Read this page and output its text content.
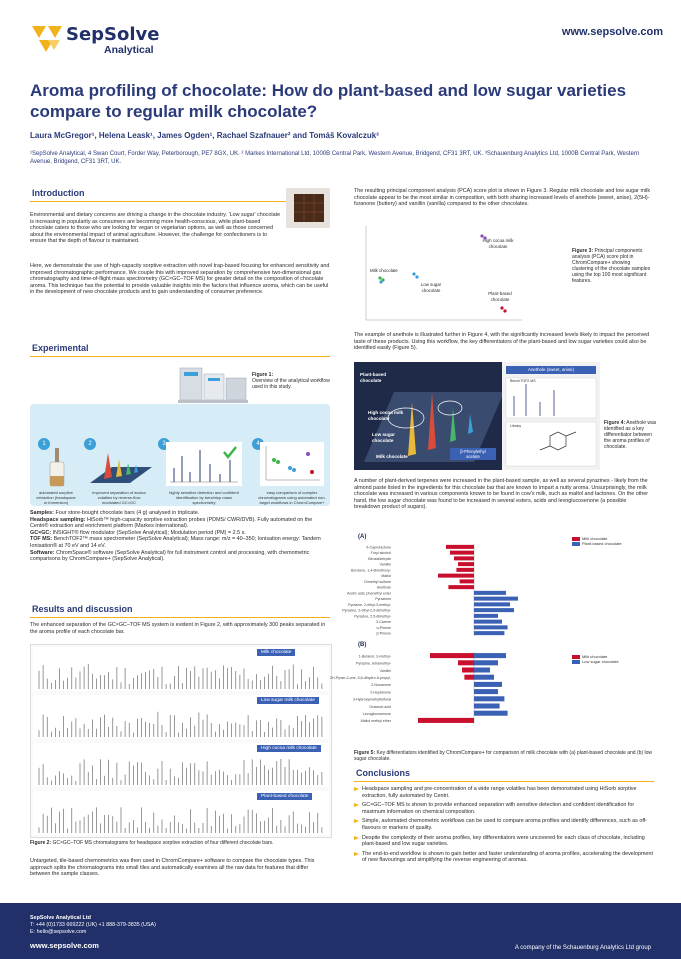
SepSolve
Analytical
www.sepsolve.com
Aroma profiling of chocolate: How do plant-based and low sugar varieties compare to regular milk chocolate?
Laura McGregor¹, Helena Leask¹, James Ogden¹, Rachael Szafnauer² and Tomáš Kovalczuk³
¹SepSolve Analytical, 4 Swan Court, Forder Way, Peterborough, PE7 8GX, UK. ² Markes International Ltd, 1000B Central Park, Western Avenue, Bridgend, CF31 3RT, UK. ³Schauenburg Analytics Ltd, 1000B Central Park, Western Avenue, Bridgend, CF31 3RT, UK.
Introduction
Environmental and dietary concerns are driving a change in the chocolate industry. 'Low sugar' chocolate is increasing in popularity as consumers are becoming more health-conscious, while plant-based chocolate caters to those who are looking for vegan or vegetarian options, as well as those concerned about the environmental impact of animal agriculture. However, the challenge for confectioners is to ensure that the depth of flavour is maintained.
Here, we demonstrate the use of high-capacity sorptive extraction with novel trap-based focusing for enhanced sensitivity and improved chromatographic performance. We couple this with improved separation by comprehensive two-dimensional gas chromatography and time-of-flight mass spectrometry (GC×GC–TOF MS) for greater detail on the composition of chocolate aroma. This technique has the potential to provide valuable insights into the factors that influence aroma, which can be useful in the development of new chocolate products and to gain understanding of consumer preference.
Experimental
Figure 1:
Overview of the analytical workflow used in this study.
1
automated sorptive extraction (headspace or immersion)
2
improved separation of aroma volatiles by reverse-flow modulated GC×GC
3
highly sensitive detection and confident identification by benchtop mass spectrometry
4
easy comparison of complex chromatograms using automated non-target workflows in ChromCompare+
Samples: Four store-bought chocolate bars (4 g) analysed in triplicate.
Headspace sampling: HiSorb™ high-capacity sorptive extraction probes (PDMS/ CWR/DVB). Fully automated on the Centri® extraction and enrichment platform (Markes International).
GC×GC: INSIGHT® flow modulator (SepSolve Analytical); Modulation period (PM) = 2.5 s.
TOF MS: BenchTOF2™ mass spectrometer (SepSolve Analytical); Mass range: m/z = 40–350; Ionisation energy: Tandem Ionisation® at 70 eV and 14 eV.
Software: ChromSpace® software (SepSolve Analytical) for full instrument control and processing, with chemometric comparisons by ChromCompare+ (SepSolve Analytical).
Results and discussion
The enhanced separation of the GC×GC–TOF MS system is evident in Figure 2, with approximately 300 peaks separated in the aroma profile of each chocolate bar.
Milk chocolate
Low sugar milk chocolate
High cocoa milk chocolate
Plant-based chocolate
Figure 2: GC×GC–TOF MS chromatograms for headspace sorptive extraction of four different chocolate bars.
Untargeted, tile-based chemometrics was then used in ChromCompare+ software to compare the chocolate types. This approach splits the chromatograms into small tiles and automatically examines all the raw data for features that differ between the sample classes.
The resulting principal component analysis (PCA) score plot is shown in Figure 3. Regular milk chocolate and low sugar milk chocolate appear to be the most similar in composition, with both sharing increased levels of anethole (sweet, anise), 2(5H)-furanone (buttery) and vanillin (vanilla) compared to the other chocolates.
High cocoa milk chocolate
Milk chocolate
Low sugar chocolate
Plant-based chocolate
Figure 3: Principal components analysis (PCA) score plot in ChromCompare+ showing clustering of the chocolate samples using the top 100 most significant features.
The example of anethole is illustrated further in Figure 4, with the significantly increased levels likely to impact the perceived taste of these products. Using this workflow, the key differentiators of the plant-based and low sugar varieties could also be identified easily (Figure 5).
Plant-based chocolate
High cocoa milk chocolate
Low sugar chocolate
Milk chocolate
Anethole (sweet, anise)
BenchTOF2 MS
Library
β-Phenylethyl acetate
Figure 4: Anethole was identified as a key differentiator between the aroma profiles of chocolate.
A number of plant-derived terpenes were increased in the plant-based sample, as well as several pyrazines - likely from the almond paste listed in the ingredients for this chocolate bar that are known to impart a nutty aroma. Unsurprisingly, the milk chocolate was increased in various components known to be found in cow's milk, such as maltol and lactones. On the other hand, the low sugar chocolate was found to be increased in several esters, acids and levoglucosenone (a possible breakdown product of sugars).
δ-Caprolactone
Furyl alcohol
Benzaldehyde
Vanillin
Benzene, 1,4-dimethoxy-
Maltol
Dimethyl sulfone
Anethole
Acetic acid, phenethyl ester
Pyrazines
Pyrazine, 2-ethyl-3-methyl-
Pyrazine, 2-ethyl-2,5-dimethyl-
Pyrazine, 2,5-dimethyl-
3-Carene
α-Pinene
β-Pinene
1-Butanol, 3-methyl-
Pyrazine, tetramethyl-
Vanillin
2H-Pyran-2-one, 5,6-dihydro-6-propyl-
2-Nonanone
2-Heptanone
3-Hydroxymethylfurfural
Octanoic acid
Levoglucosenone
Maltol methyl ether
(A)
(B)
Milk chocolate
Plant-based chocolate
Milk chocolate
Low sugar chocolate
Figure 5: Key differentiators identified by ChromCompare+ for comparison of milk chocolate with (a) plant-based chocolate and (b) low sugar chocolate.
Conclusions
Headspace sampling and pre-concentration of a wide range volatiles has been demonstrated using HiSorb sorptive extraction, fully automated by Centri.
GC×GC–TOF MS is shown to provide enhanced separation with sensitive detection and confident identification for maximum information on chemical composition.
Simple, automated chemometric workflows can be used to compare aroma profiles and identify differences, such as off-flavours or markers of quality.
Despite the complexity of their aroma profiles, key differentiators were uncovered for each class of chocolate, including plant-based and low sugar varieties.
The end-to-end workflow is shown to gain better and faster understanding of aroma profiles, accelerating the development of new flavourings and simplifying the reverse engineering of aromas.
SepSolve Analytical Ltd
T: +44 (0)1733 669222 (UK) +1 888-379-3835 (USA)
E: hello@sepsolve.com
www.sepsolve.com	A company of the Schauenburg Analytics Ltd group
